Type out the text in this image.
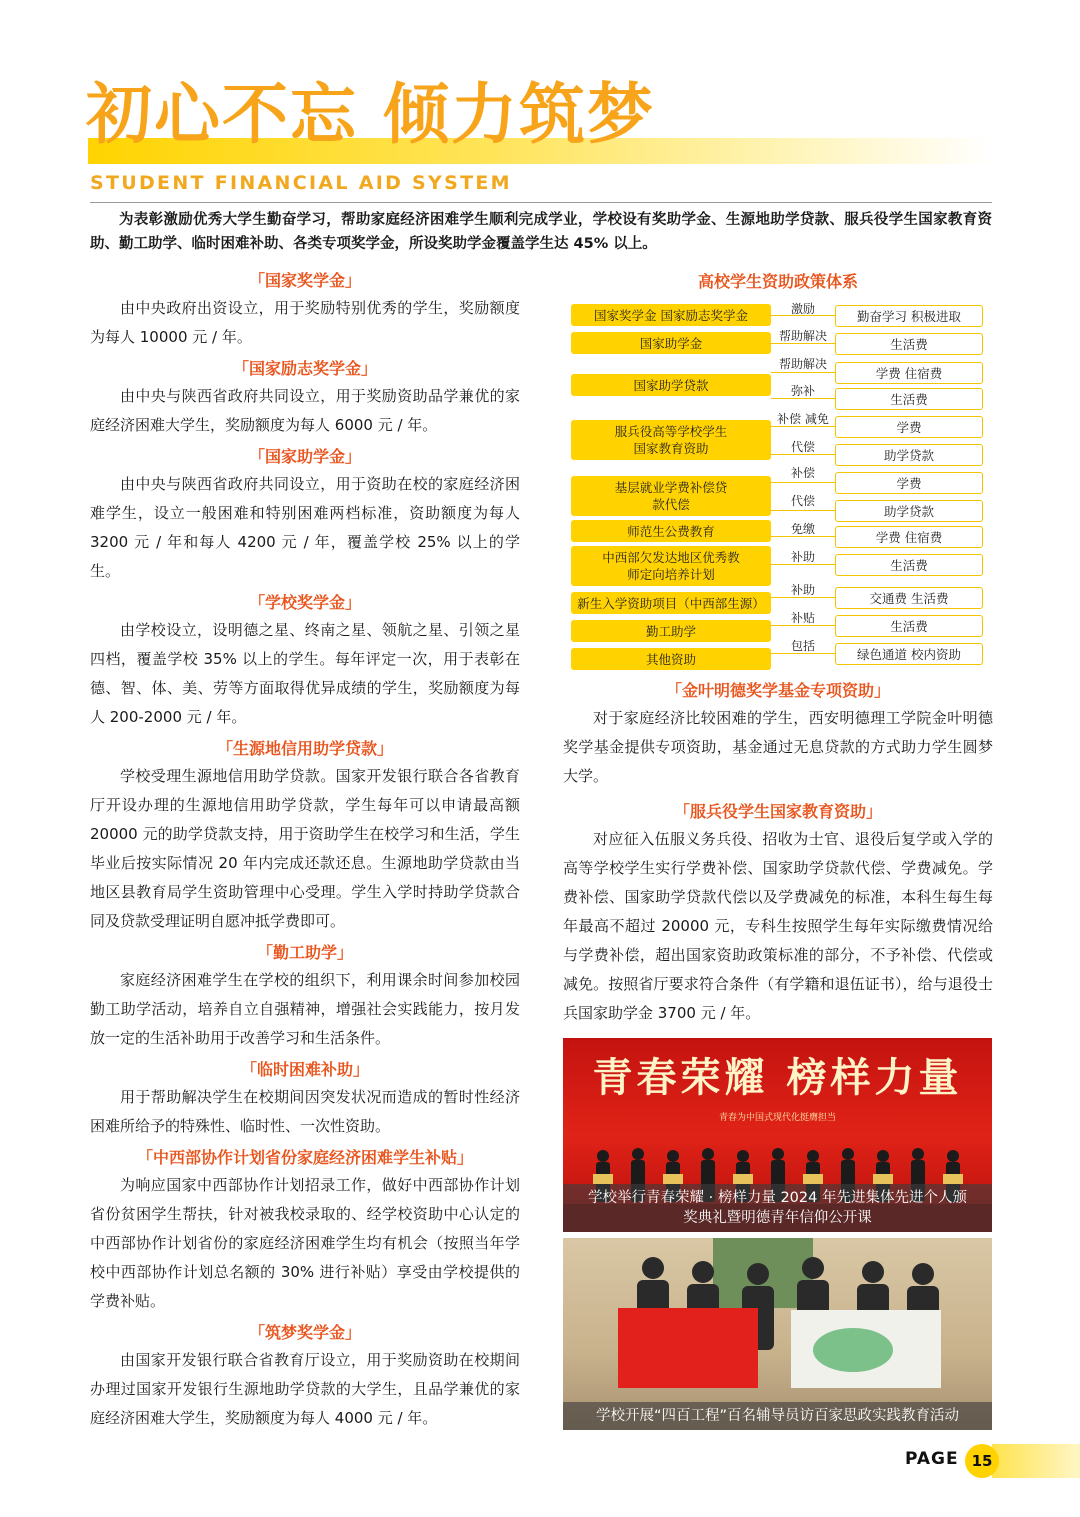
初心不忘 倾力筑梦
STUDENT FINANCIAL AID SYSTEM
为表彰激励优秀大学生勤奋学习，帮助家庭经济困难学生顺利完成学业，学校设有奖助学金、生源地助学贷款、服兵役学生国家教育资助、勤工助学、临时困难补助、各类专项奖学金，所设奖助学金覆盖学生达 45% 以上。
「国家奖学金」
由中央政府出资设立，用于奖励特别优秀的学生，奖励额度为每人 10000 元 / 年。
「国家励志奖学金」
由中央与陕西省政府共同设立，用于奖励资助品学兼优的家庭经济困难大学生，奖励额度为每人 6000 元 / 年。
「国家助学金」
由中央与陕西省政府共同设立，用于资助在校的家庭经济困难学生，设立一般困难和特别困难两档标准，资助额度为每人 3200 元 / 年和每人 4200 元 / 年，覆盖学校 25% 以上的学生。
「学校奖学金」
由学校设立，设明德之星、终南之星、领航之星、引领之星四档，覆盖学校 35% 以上的学生。每年评定一次，用于表彰在德、智、体、美、劳等方面取得优异成绩的学生，奖励额度为每人 200-2000 元 / 年。
「生源地信用助学贷款」
学校受理生源地信用助学贷款。国家开发银行联合各省教育厅开设办理的生源地信用助学贷款，学生每年可以申请最高额 20000 元的助学贷款支持，用于资助学生在校学习和生活，学生毕业后按实际情况 20 年内完成还款还息。生源地助学贷款由当地区县教育局学生资助管理中心受理。学生入学时持助学贷款合同及贷款受理证明自愿冲抵学费即可。
「勤工助学」
家庭经济困难学生在学校的组织下，利用课余时间参加校园勤工助学活动，培养自立自强精神，增强社会实践能力，按月发放一定的生活补助用于改善学习和生活条件。
「临时困难补助」
用于帮助解决学生在校期间因突发状况而造成的暂时性经济困难所给予的特殊性、临时性、一次性资助。
「中西部协作计划省份家庭经济困难学生补贴」
为响应国家中西部协作计划招录工作，做好中西部协作计划省份贫困学生帮扶，针对被我校录取的、经学校资助中心认定的中西部协作计划省份的家庭经济困难学生均有机会（按照当年学校中西部协作计划总名额的 30% 进行补贴）享受由学校提供的学费补贴。
「筑梦奖学金」
由国家开发银行联合省教育厅设立，用于奖励资助在校期间办理过国家开发银行生源地助学贷款的大学生，且品学兼优的家庭经济困难大学生，奖励额度为每人 4000 元 / 年。
高校学生资助政策体系
国家奖学金 国家励志奖学金
国家助学金
国家助学贷款
服兵役高等学校学生国家教育资助
基层就业学费补偿贷款代偿
师范生公费教育
中西部欠发达地区优秀教师定向培养计划
新生入学资助项目（中西部生源）
勤工助学
其他资助
激励
帮助解决
帮助解决
弥补
补偿 减免
代偿
补偿
代偿
免缴
补助
补助
补贴
包括
勤奋学习 积极进取
生活费
学费 住宿费
生活费
学费
助学贷款
学费
助学贷款
学费 住宿费
生活费
交通费 生活费
生活费
绿色通道 校内资助
「金叶明德奖学基金专项资助」
对于家庭经济比较困难的学生，西安明德理工学院金叶明德奖学基金提供专项资助，基金通过无息贷款的方式助力学生圆梦大学。
「服兵役学生国家教育资助」
对应征入伍服义务兵役、招收为士官、退役后复学或入学的高等学校学生实行学费补偿、国家助学贷款代偿、学费减免。学费补偿、国家助学贷款代偿以及学费减免的标准，本科生每生每年最高不超过 20000 元，专科生按照学生每年实际缴费情况给与学费补偿，超出国家资助政策标准的部分，不予补偿、代偿或减免。按照省厅要求符合条件（有学籍和退伍证书），给与退役士兵国家助学金 3700 元 / 年。
青春荣耀 榜样力量
青春为中国式现代化挺膺担当
学校举行青春荣耀 · 榜样力量 2024 年先进集体先进个人颁奖典礼暨明德青年信仰公开课
学校开展“四百工程”百名辅导员访百家思政实践教育活动
PAGE 15
